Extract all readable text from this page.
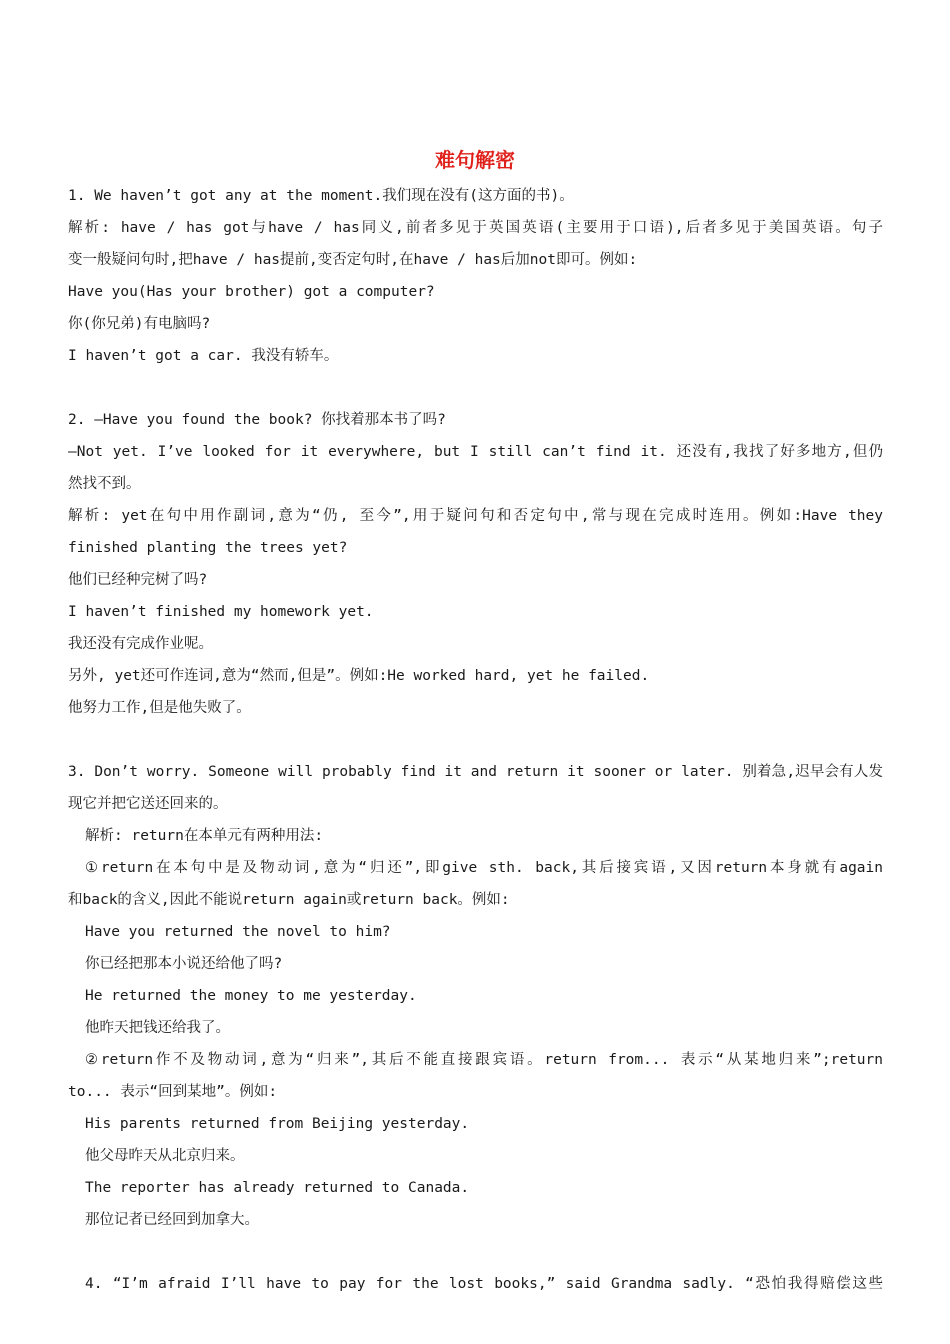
难句解密
1. We haven’t got any at the moment.我们现在没有(这方面的书)。
解析: have / has got与have / has同义,前者多见于英国英语(主要用于口语),后者多见于美国英语。句子
变一般疑问句时,把have / has提前,变否定句时,在have / has后加not即可。例如:
Have you(Has your brother) got a computer?
你(你兄弟)有电脑吗?
I haven’t got a car. 我没有轿车。
2. —Have you found the book? 你找着那本书了吗?
—Not yet. I’ve looked for it everywhere, but I still can’t find it. 还没有,我找了好多地方,但仍
然找不到。
解析: yet在句中用作副词,意为“仍, 至今”,用于疑问句和否定句中,常与现在完成时连用。例如:Have they
finished planting the trees yet?
他们已经种完树了吗?
I haven’t finished my homework yet.
我还没有完成作业呢。
另外, yet还可作连词,意为“然而,但是”。例如:He worked hard, yet he failed.
他努力工作,但是他失败了。
3. Don’t worry. Someone will probably find it and return it sooner or later. 别着急,迟早会有人发
现它并把它送还回来的。
解析: return在本单元有两种用法:
①return在本句中是及物动词,意为“归还”,即give sth. back,其后接宾语,又因return本身就有again
和back的含义,因此不能说return again或return back。例如:
Have you returned the novel to him?
你已经把那本小说还给他了吗?
He returned the money to me yesterday.
他昨天把钱还给我了。
②return作不及物动词,意为“归来”,其后不能直接跟宾语。return from... 表示“从某地归来”;return
to... 表示“回到某地”。例如:
His parents returned from Beijing yesterday.
他父母昨天从北京归来。
The reporter has already returned to Canada.
那位记者已经回到加拿大。
4. “I’m afraid I’ll have to pay for the lost books,” said Grandma sadly. “恐怕我得赔偿这些
